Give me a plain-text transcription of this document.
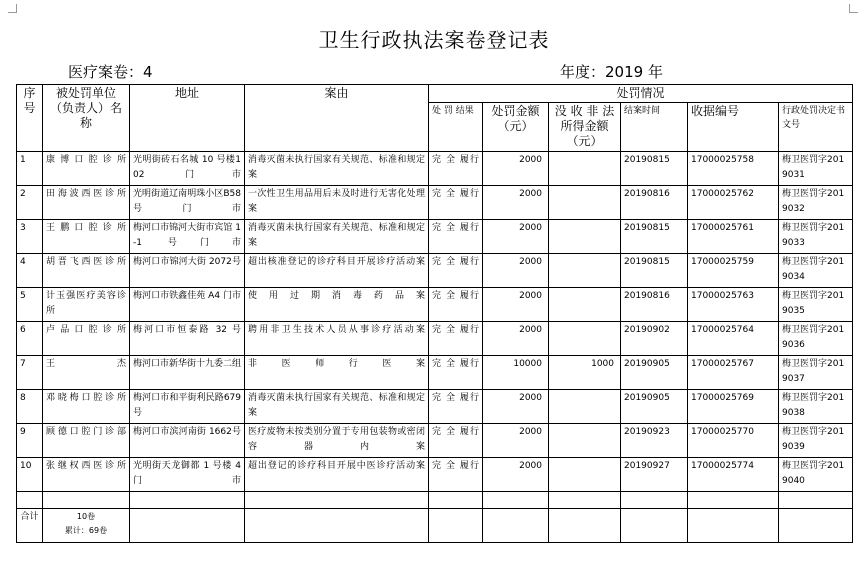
卫生行政执法案卷登记表
医疗案卷：4	年度：2019 年
序号	被处罚单位（负责人）名称	地址	案由	处罚情况					
				处 罚 结果	处罚金额（元）	没 收 非 法所得金额（元）	结案时间	收据编号	行政处罚决定书文号
1	康博口腔诊所	光明街砖石名城 10 号楼102 门市	消毒灭菌未执行国家有关规范、标准和规定案	完 全 履行	2000		20190815	17000025758	梅卫医罚字2019031
2	田海波西医诊所	光明街道辽南明珠小区B58 号门市	一次性卫生用品用后未及时进行无害化处理案	完 全 履行	2000		20190816	17000025762	梅卫医罚字2019032
3	王鹏口腔诊所	梅河口市锦河大街市宾馆 1-1 号门市	消毒灭菌未执行国家有关规范、标准和规定案	完 全 履行	2000		20190815	17000025761	梅卫医罚字2019033
4	胡晋飞西医诊所	梅河口市锦河大街 2072号	超出核准登记的诊疗科目开展诊疗活动案	完 全 履行	2000		20190815	17000025759	梅卫医罚字2019034
5	计玉强医疗美容诊所	梅河口市铁鑫佳苑 A4 门市	使用过期消毒药品案	完 全 履行	2000		20190816	17000025763	梅卫医罚字2019035
6	卢品口腔诊所	梅河口市恒泰路 32 号	聘用非卫生技术人员从事诊疗活动案	完 全 履行	2000		20190902	17000025764	梅卫医罚字2019036
7	王杰	梅河口市新华街十九委二组	非医师行医案	完 全 履行	10000	1000	20190905	17000025767	梅卫医罚字2019037
8	邓晓梅口腔诊所	梅河口市和平街利民路679 号	消毒灭菌未执行国家有关规范、标准和规定案	完 全 履行	2000		20190905	17000025769	梅卫医罚字2019038
9	顾德口腔门诊部	梅河口市滨河南街 1662号	医疗废物未按类别分置于专用包装物或密闭容器内案	完 全 履行	2000		20190923	17000025770	梅卫医罚字2019039
10	张继权西医诊所	光明街天龙御都 1 号楼 4门市	超出登记的诊疗科目开展中医诊疗活动案	完 全 履行	2000		20190927	17000025774	梅卫医罚字2019040

合计	10卷
累计：69卷								
